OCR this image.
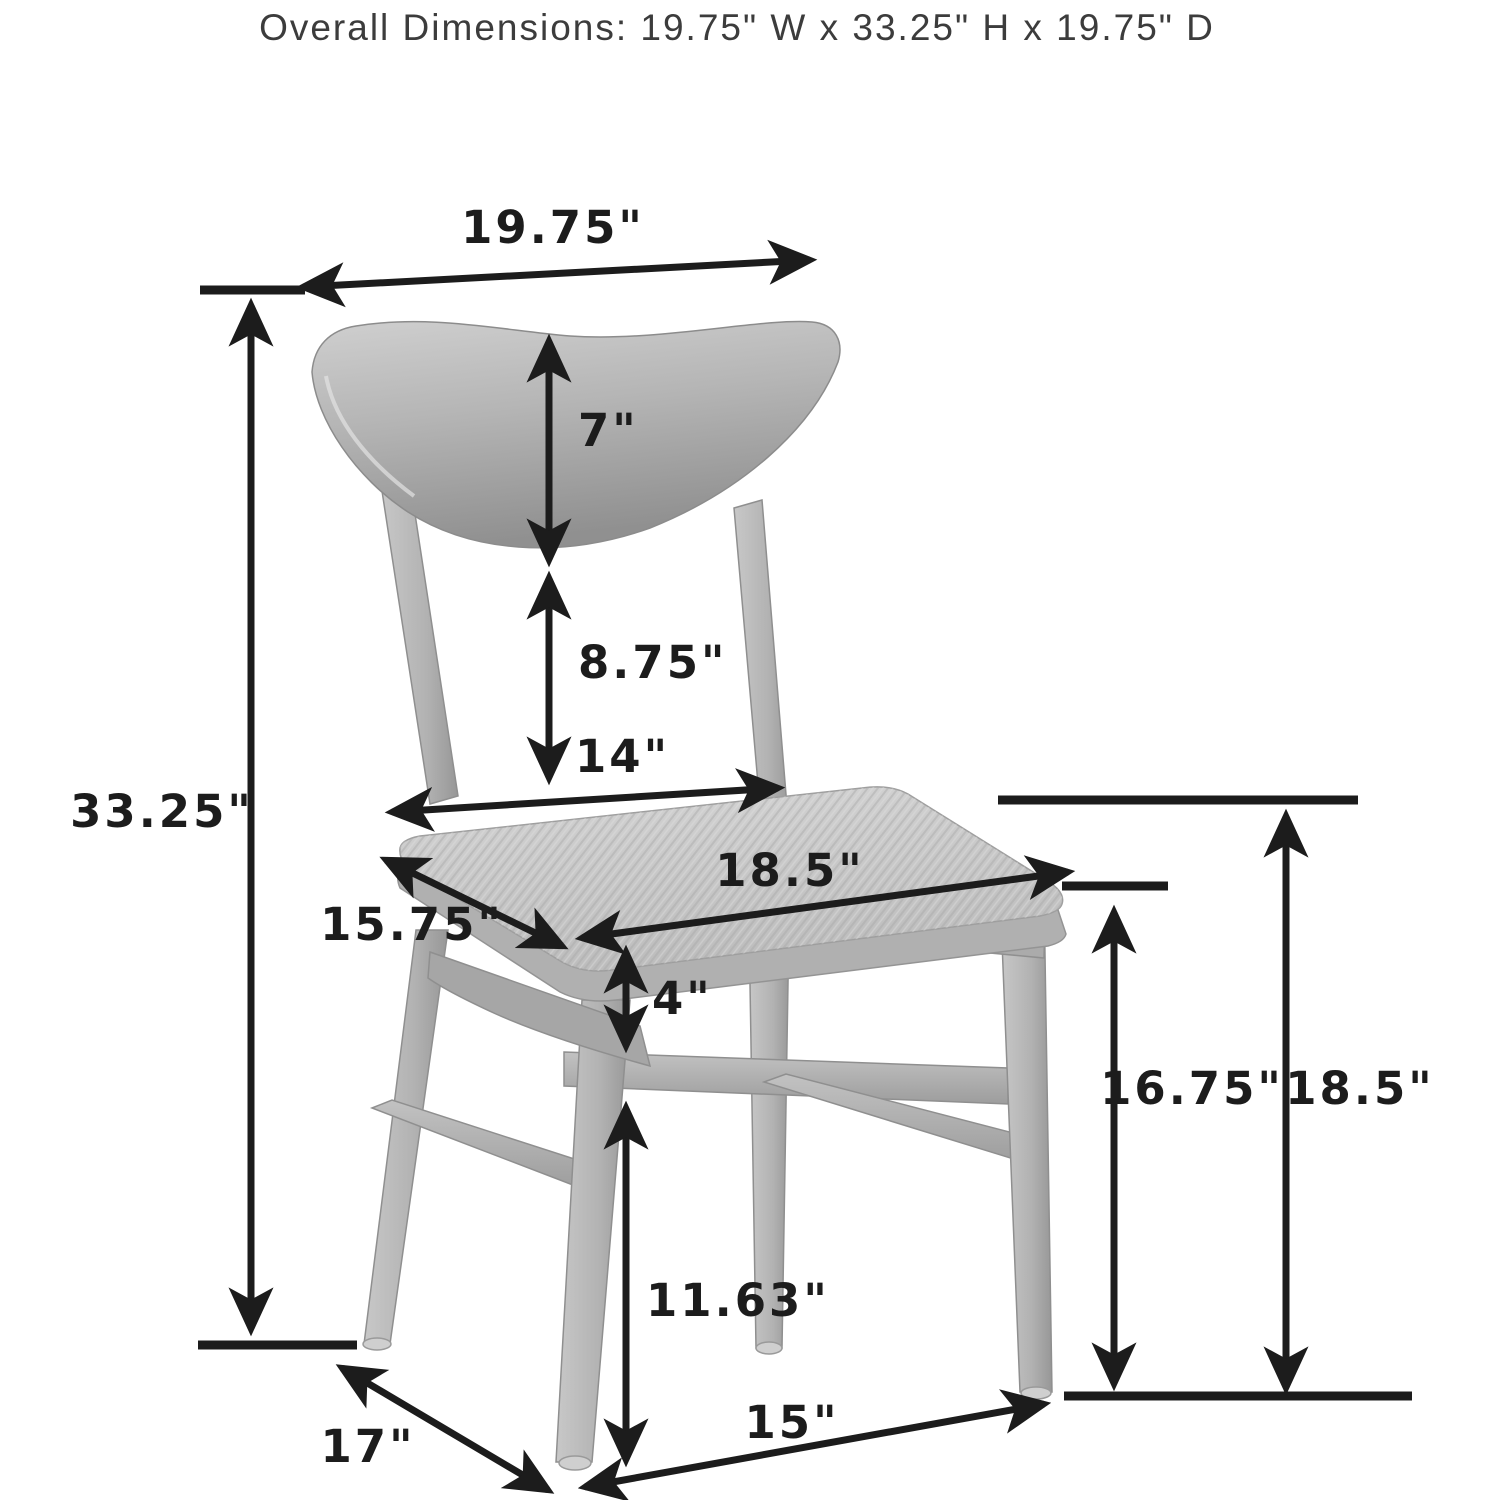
Overall Dimensions: 19.75" W x 33.25" H x 19.75" D
19.75"
33.25"
7"
8.75"
14"
15.75"
18.5"
4"
16.75" 18.5"
11.63"
15"
17"
